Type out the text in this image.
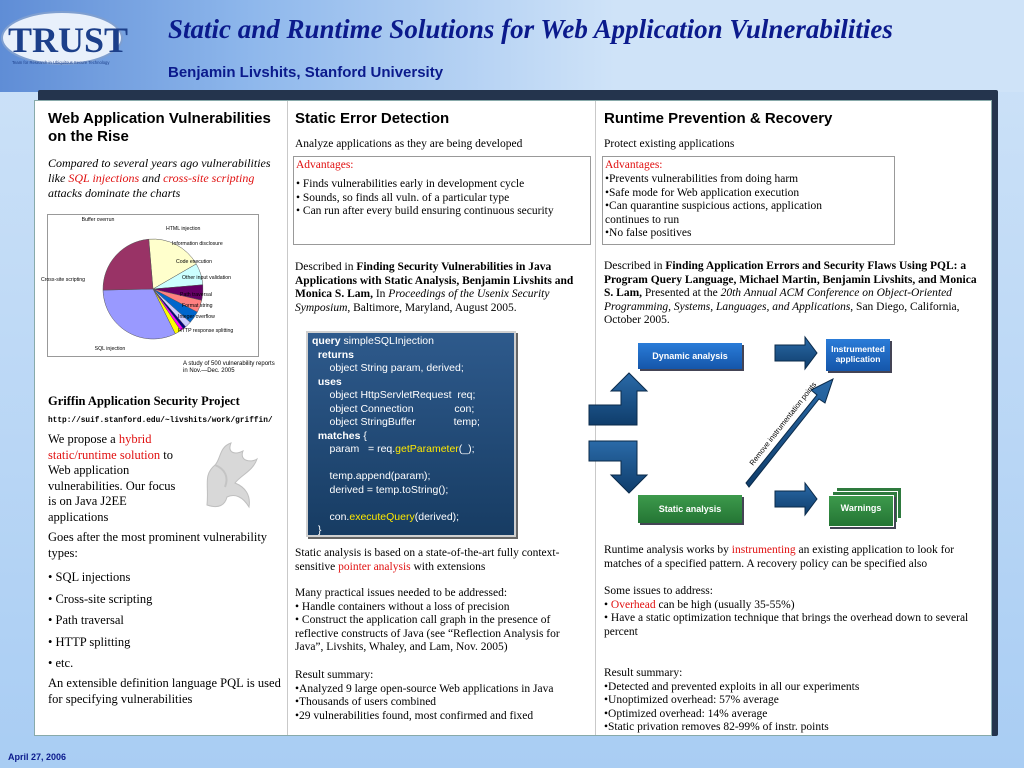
TRUST
Team for Research in Ubiquitous Secure Technology
Static and Runtime Solutions for Web Application Vulnerabilities
Benjamin Livshits, Stanford University
Web Application Vulnerabilities on the Rise
Compared to several years ago vulnerabilities like SQL injections and cross-site scripting attacks dominate the charts
Buffer overrun
HTML injection
Information disclosure
Code execution
Other input validation
Path traversal
Format string
Integer overflow
HTTP response splitting
SQL injection
Cross-site scripting
A study of 500 vulnerability reports in Nov.—Dec. 2005
Griffin Application Security Project
http://suif.stanford.edu/~livshits/work/griffin/
We propose a hybrid static/runtime solution to Web application vulnerabilities. Our focus is on Java J2EE applications
Goes after the most prominent vulnerability types:
• SQL injections
• Cross-site scripting
• Path traversal
• HTTP splitting
• etc.
An extensible definition language PQL is used for specifying vulnerabilities
Static Error Detection
Analyze applications as they are being developed
Advantages:
• Finds vulnerabilities early in development cycle
• Sounds, so finds all vuln. of a particular type
• Can run after every build ensuring continuous security
Described in Finding Security Vulnerabilities in Java Applications with Static Analysis, Benjamin Livshits and Monica S. Lam, In Proceedings of the Usenix Security Symposium, Baltimore, Maryland, August 2005.
query simpleSQLInjection
returns
object String param, derived;
uses
object HttpServletRequest  req;
object Connection              con;
object StringBuffer             temp;
matches {
param   = req.getParameter(_);
temp.append(param);
derived = temp.toString();
con.executeQuery(derived);
}
Static analysis is based on a state-of-the-art fully context-sensitive pointer analysis with extensions
Many practical issues needed to be addressed:
• Handle containers without a loss of precision
• Construct the application call graph in the presence of reflective constructs of Java (see “Reflection Analysis for Java”, Livshits, Whaley, and Lam, Nov. 2005)
Result summary:
•Analyzed 9 large open-source Web applications in Java
•Thousands of users combined
•29 vulnerabilities found, most confirmed and fixed
Runtime Prevention & Recovery
Protect existing applications
Advantages:
•Prevents vulnerabilities from doing harm
•Safe mode for Web application execution
•Can quarantine suspicious actions, application continues to run
•No false positives
Described in Finding Application Errors and Security Flaws Using PQL: a Program Query Language, Michael Martin, Benjamin Livshits, and Monica S. Lam, Presented at the 20th Annual ACM Conference on Object-Oriented Programming, Systems, Languages, and Applications, San Diego, California, October 2005.
Remove instrumentation points
Dynamic analysis
Instrumented application
Static analysis	Warnings
Runtime analysis works by instrumenting an existing application to look for matches of a specified pattern. A recovery policy can be specified also
Some issues to address:
• Overhead can be high (usually 35-55%)
• Have a static optimization technique that brings the overhead down to several percent
Result summary:
•Detected and prevented exploits in all our experiments
•Unoptimized overhead: 57% average
•Optimized overhead: 14% average
•Static privation removes 82-99% of instr. points
April 27, 2006
